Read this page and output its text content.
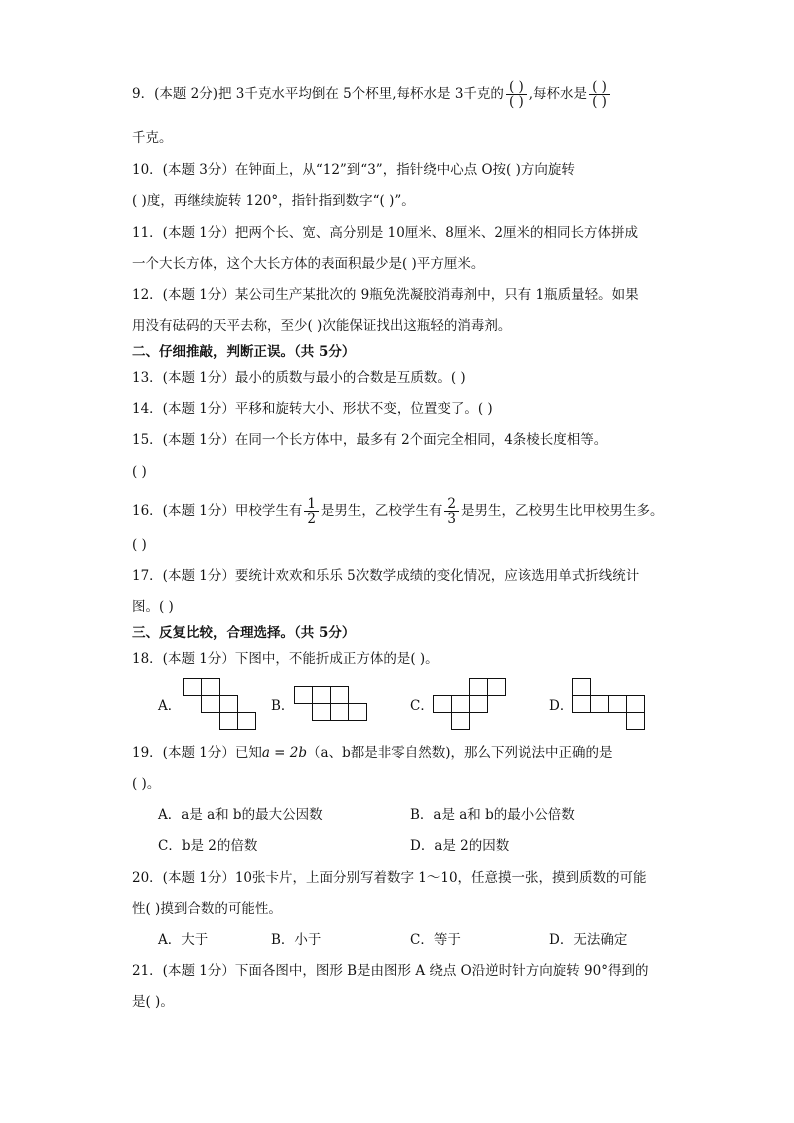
9．(本题 2分)把 3千克水平均倒在 5个杯里,每杯水是 3千克的 $\frac{( )}{( )}$ ,每杯水是 $\frac{( )}{( )}$
千克。
10．(本题 3分）在钟面上，从“12”到“3”，指针绕中心点 O按( )方向旋转
( )度，再继续旋转 120°，指针指到数字“( )”。
11．(本题 1分）把两个长、宽、高分别是 10厘米、8厘米、2厘米的相同长方体拼成
一个大长方体，这个大长方体的表面积最少是( )平方厘米。
12．(本题 1分）某公司生产某批次的 9瓶免洗凝胶消毒剂中，只有 1瓶质量轻。如果
用没有砝码的天平去称，至少( )次能保证找出这瓶轻的消毒剂。
二、仔细推敲，判断正误。（共 5分）
13．(本题 1分）最小的质数与最小的合数是互质数。( )
14．(本题 1分）平移和旋转大小、形状不变，位置变了。( )
15．(本题 1分）在同一个长方体中，最多有 2个面完全相同，4条棱长度相等。
( )
16．(本题 1分）甲校学生有 $\frac{1}{2}$ 是男生，乙校学生有 $\frac{2}{3}$ 是男生，乙校男生比甲校男生多。
( )
17．(本题 1分）要统计欢欢和乐乐 5次数学成绩的变化情况，应该选用单式折线统计
图。( )
三、反复比较，合理选择。（共 5分）
18．(本题 1分）下图中，不能折成正方体的是( )。
A．	B．	C．	D．
19．(本题 1分）已知a = 2b（a、b都是非零自然数)，那么下列说法中正确的是
( )。
A．a是 a和 b的最大公因数	B．a是 a和 b的最小公倍数
C．b是 2的倍数	D．a是 2的因数
20．(本题 1分）10张卡片，上面分别写着数字 1～10，任意摸一张，摸到质数的可能
性( )摸到合数的可能性。
A．大于	B．小于	C．等于	D．无法确定
21．(本题 1分）下面各图中，图形 B是由图形 A 绕点 O沿逆时针方向旋转 90°得到的
是( )。
